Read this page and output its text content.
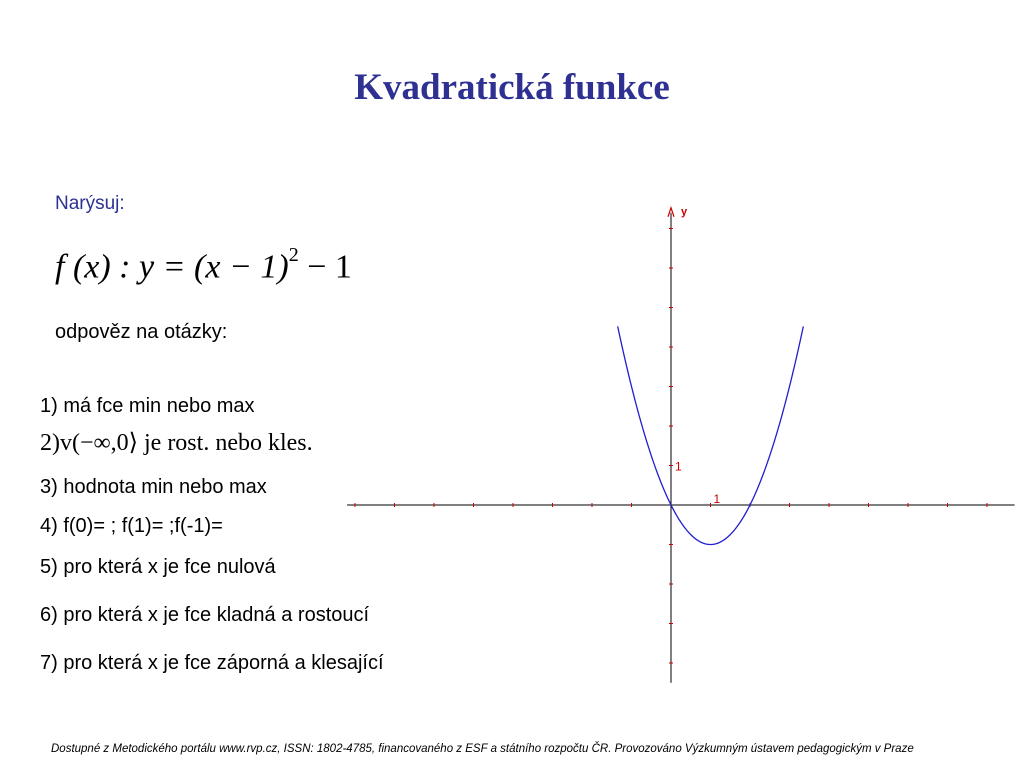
Kvadratická funkce
Narýsuj:
f (x) : $y = (x - 1)^2 - 1$
odpověz na otázky:
1) má fce min nebo max
2)v(−∞,0⟩ je rost. nebo kles.
3) hodnota min nebo max
4) f(0)= ; f(1)= ;f(-1)=
5) pro která x je fce nulová
6) pro která x je fce kladná a rostoucí
7) pro která x je fce záporná a klesající
1
1
y
Dostupné z Metodického portálu www.rvp.cz, ISSN: 1802-4785, financovaného z ESF a státního rozpočtu ČR. Provozováno Výzkumným ústavem pedagogickým v Praze
